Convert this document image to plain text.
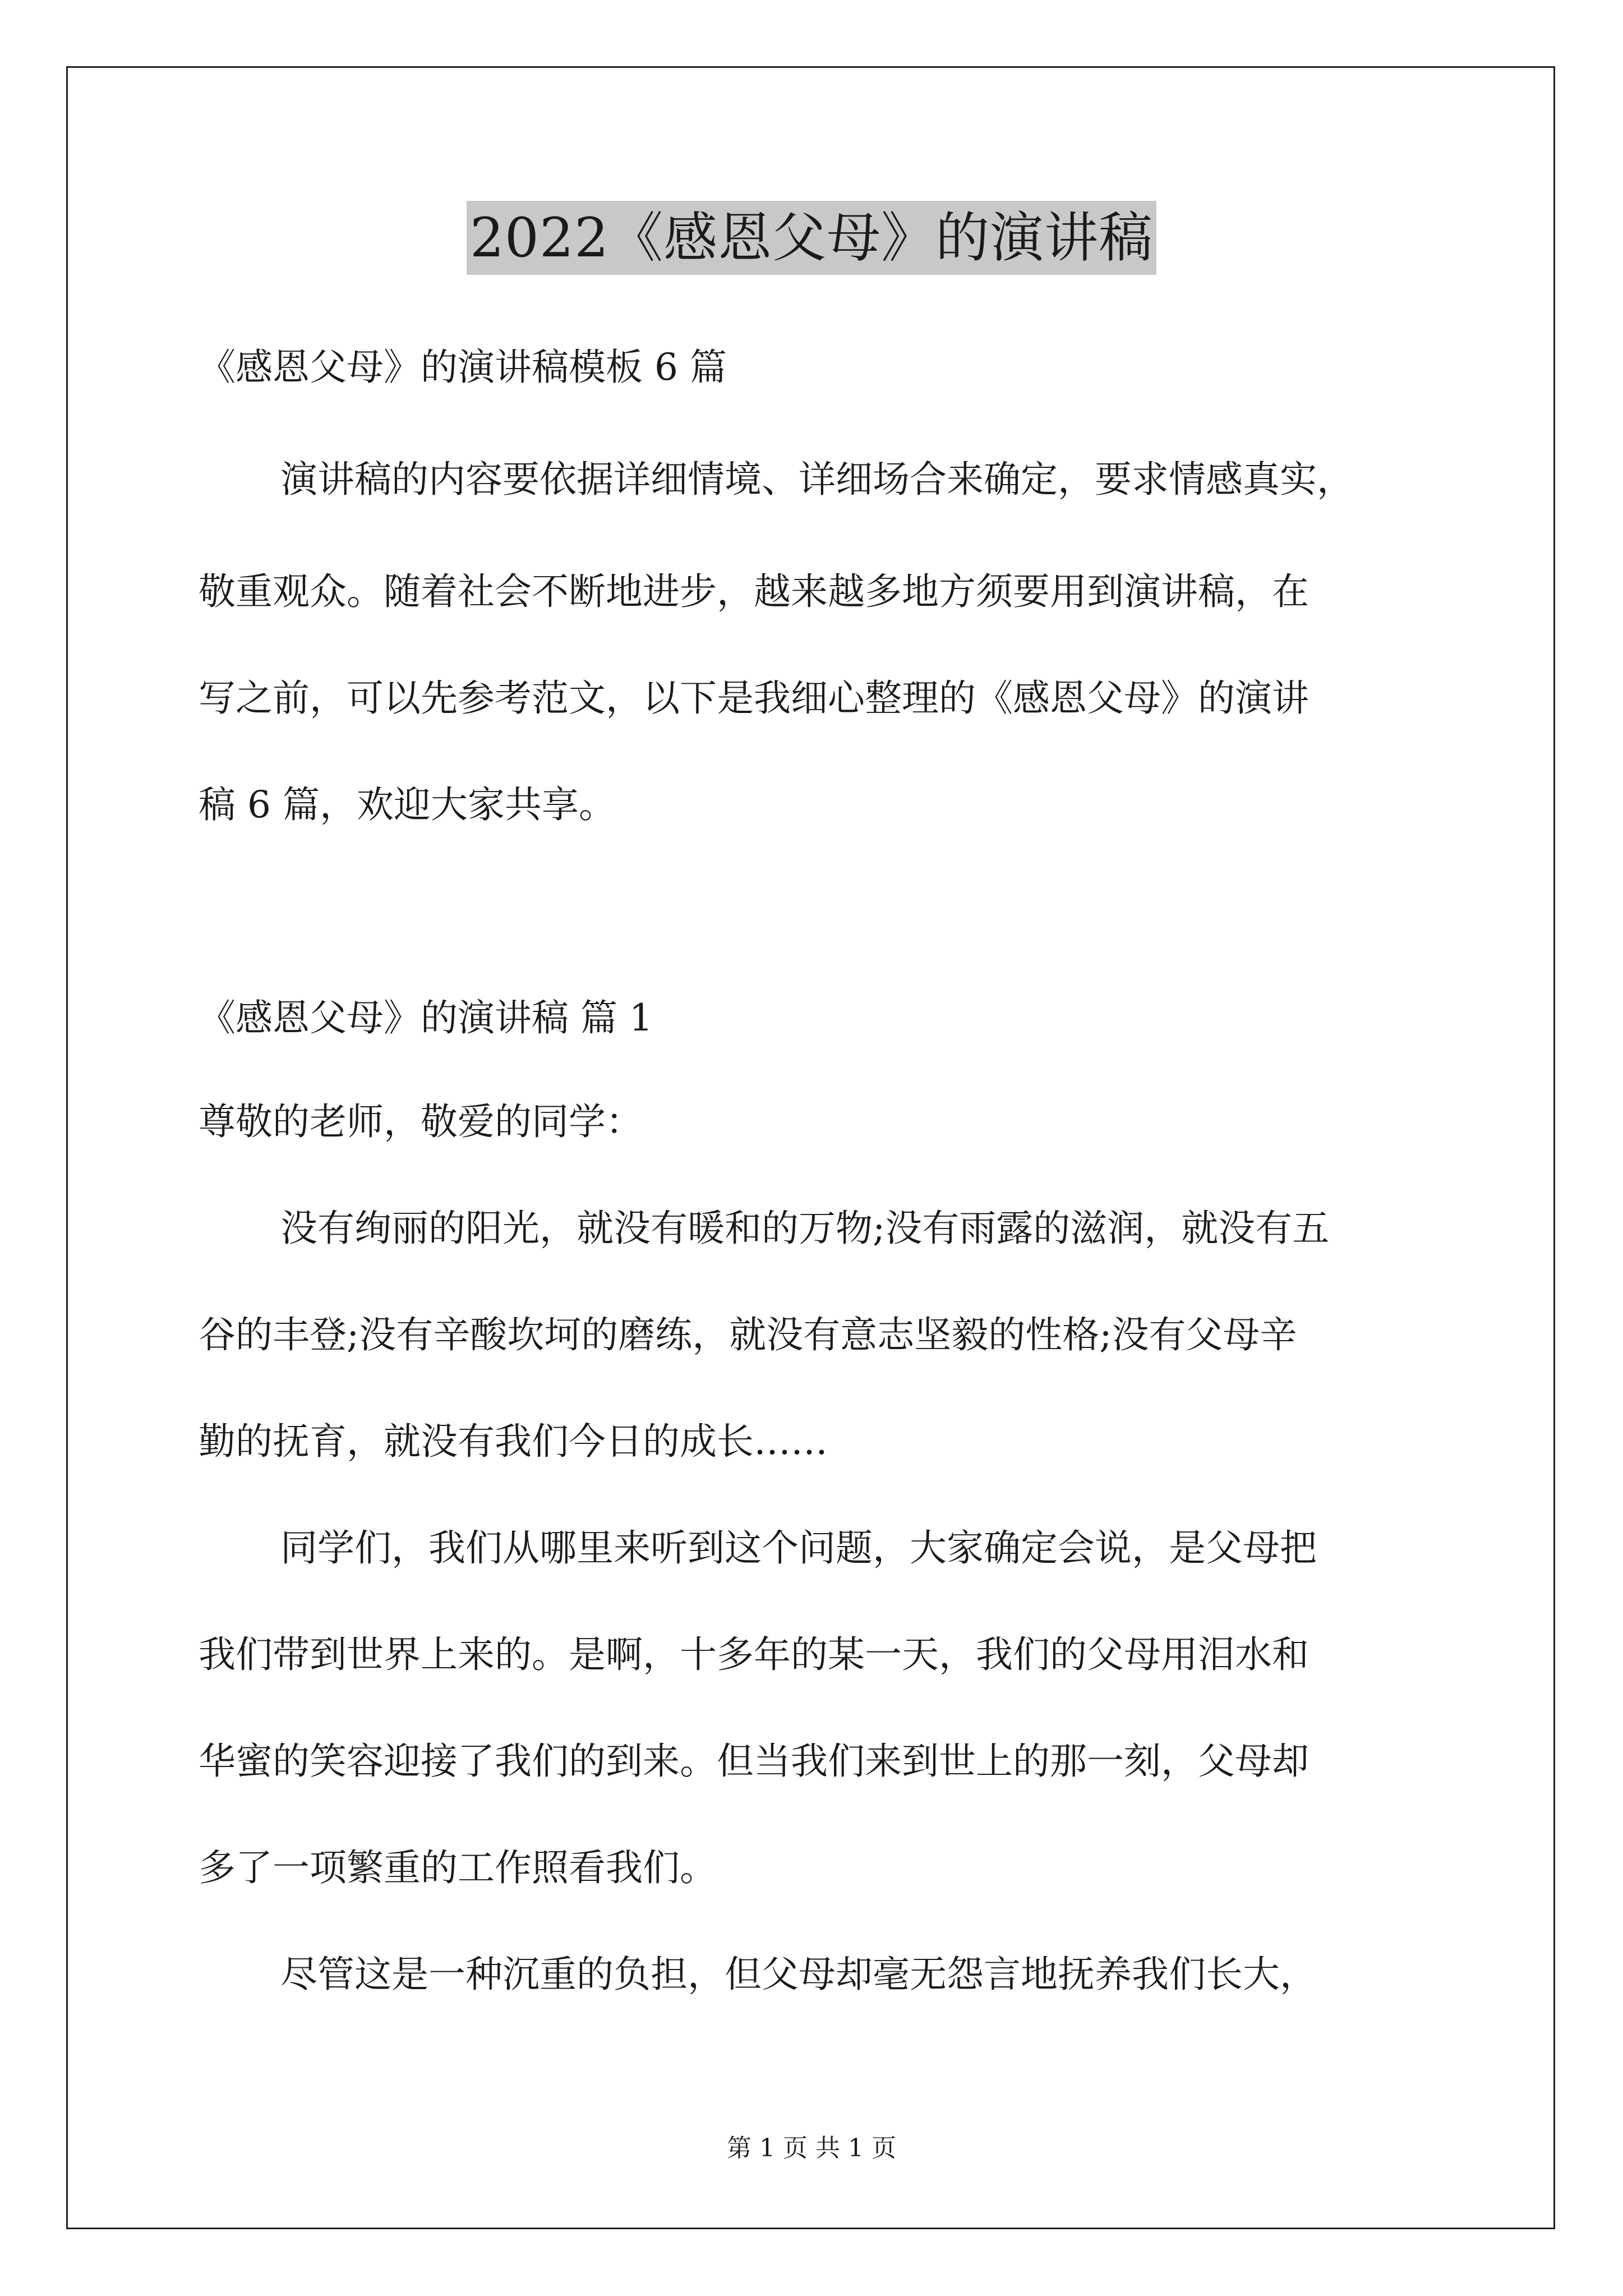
2022《感恩父母》的演讲稿
《感恩父母》的演讲稿模板 6 篇
演讲稿的内容要依据详细情境、详细场合来确定，要求情感真实，
敬重观众。随着社会不断地进步，越来越多地方须要用到演讲稿，在
写之前，可以先参考范文，以下是我细心整理的《感恩父母》的演讲
稿 6 篇，欢迎大家共享。
《感恩父母》的演讲稿 篇 1
尊敬的老师，敬爱的同学：
没有绚丽的阳光，就没有暖和的万物;没有雨露的滋润，就没有五
谷的丰登;没有辛酸坎坷的磨练，就没有意志坚毅的性格;没有父母辛
勤的抚育，就没有我们今日的成长……
同学们，我们从哪里来听到这个问题，大家确定会说，是父母把
我们带到世界上来的。是啊，十多年的某一天，我们的父母用泪水和
华蜜的笑容迎接了我们的到来。但当我们来到世上的那一刻，父母却
多了一项繁重的工作照看我们。
尽管这是一种沉重的负担，但父母却毫无怨言地抚养我们长大，
第 1 页 共 1 页
